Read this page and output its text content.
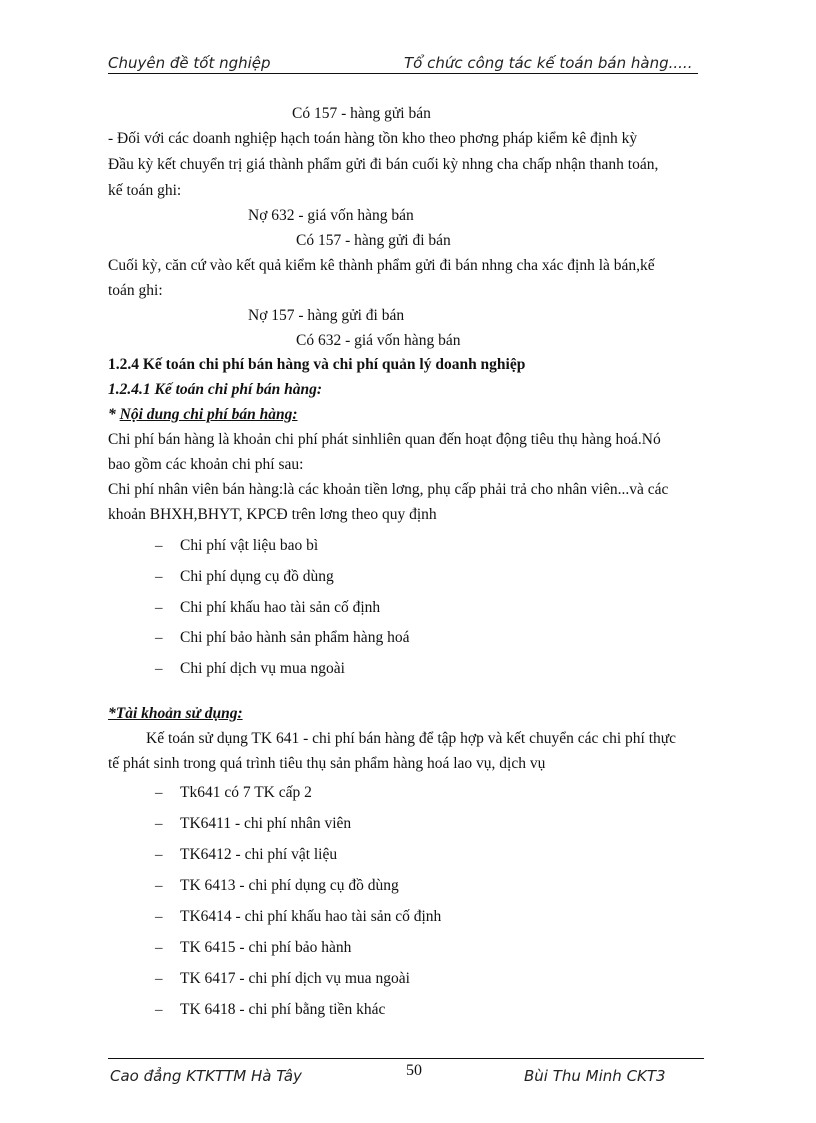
Chuyên đề tốt nghiệp	Tổ chức công tác kế toán bán hàng.....
Có 157 - hàng gửi bán
- Đối với các doanh nghiệp hạch toán hàng tồn kho theo phơng pháp kiểm kê định kỳ
Đầu kỳ kết chuyển trị giá thành phẩm gửi đi bán cuối kỳ nhng cha chấp nhận thanh toán,
kế toán ghi:
Nợ 632 - giá vốn hàng bán
Có 157 - hàng gửi đi bán
Cuối kỳ, căn cứ vào kết quả kiểm kê thành phẩm gửi đi bán nhng cha xác định là bán,kế
toán ghi:
Nợ 157 - hàng gửi đi bán
Có 632 - giá vốn hàng bán
1.2.4 Kế toán chi phí bán hàng và chi phí quản lý doanh nghiệp
1.2.4.1 Kế toán chi phí bán hàng:
* Nội dung chi phí bán hàng:
Chi phí bán hàng là khoản chi phí phát sinhliên quan đến hoạt động tiêu thụ hàng hoá.Nó
bao gồm các khoản chi phí sau:
Chi phí nhân viên bán hàng:là các khoản tiền lơng, phụ cấp phải trả cho nhân viên...và các
khoản BHXH,BHYT, KPCĐ trên lơng theo quy định
– Chi phí vật liệu bao bì
– Chi phí dụng cụ đồ dùng
– Chi phí khấu hao tài sản cố định
– Chi phí bảo hành sản phẩm hàng hoá
– Chi phí dịch vụ mua ngoài
*Tài khoản sử dụng:
Kế toán sử dụng TK 641 - chi phí bán hàng để tập hợp và kết chuyển các chi phí thực
tế phát sinh trong quá trình tiêu thụ sản phẩm hàng hoá lao vụ, dịch vụ
– Tk641 có 7 TK cấp 2
– TK6411 - chi phí nhân viên
– TK6412 - chi phí vật liệu
– TK 6413 - chi phí dụng cụ đồ dùng
– TK6414 - chi phí khấu hao tài sản cố định
– TK 6415 - chi phí bảo hành
– TK 6417 - chi phí dịch vụ mua ngoài
– TK 6418 - chi phí bằng tiền khác
Cao đẳng KTKTTM Hà Tây	50	Bùi Thu Minh CKT3
